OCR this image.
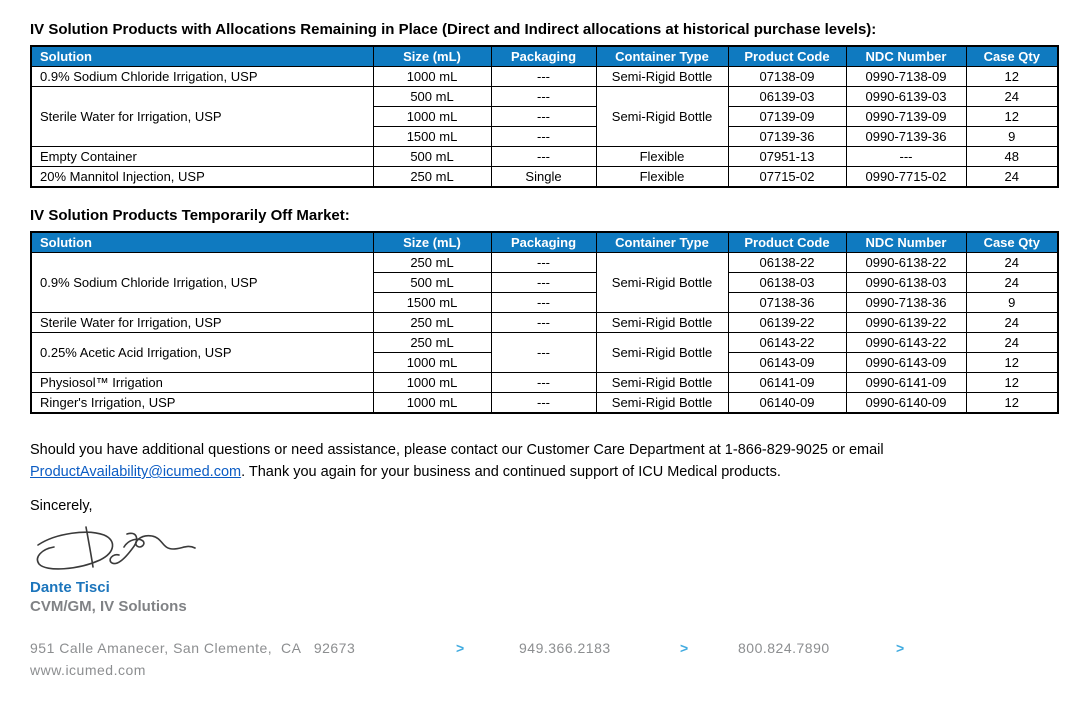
IV Solution Products with Allocations Remaining in Place (Direct and Indirect allocations at historical purchase levels):
Solution	Size (mL)	Packaging	Container Type	Product Code	NDC Number	Case Qty
0.9% Sodium Chloride Irrigation, USP	1000 mL	---	Semi-Rigid Bottle	07138-09	0990-7138-09	12
Sterile Water for Irrigation, USP	500 mL	---	Semi-Rigid Bottle	06139-03	0990-6139-03	24
	1000 mL	---		07139-09	0990-7139-09	12
	1500 mL	---		07139-36	0990-7139-36	9
Empty Container	500 mL	---	Flexible	07951-13	---	48
20% Mannitol Injection, USP	250 mL	Single	Flexible	07715-02	0990-7715-02	24
IV Solution Products Temporarily Off Market:
Solution	Size (mL)	Packaging	Container Type	Product Code	NDC Number	Case Qty
0.9% Sodium Chloride Irrigation, USP	250 mL	---	Semi-Rigid Bottle	06138-22	0990-6138-22	24
	500 mL	---		06138-03	0990-6138-03	24
	1500 mL	---		07138-36	0990-7138-36	9
Sterile Water for Irrigation, USP	250 mL	---	Semi-Rigid Bottle	06139-22	0990-6139-22	24
0.25% Acetic Acid Irrigation, USP	250 mL	---	Semi-Rigid Bottle	06143-22	0990-6143-22	24
	1000 mL			06143-09	0990-6143-09	12
Physiosol™ Irrigation	1000 mL	---	Semi-Rigid Bottle	06141-09	0990-6141-09	12
Ringer's Irrigation, USP	1000 mL	---	Semi-Rigid Bottle	06140-09	0990-6140-09	12

Should you have additional questions or need assistance, please contact our Customer Care Department at 1-866-829-9025 or email
ProductAvailability@icumed.com. Thank you again for your business and continued support of ICU Medical products.

Sincerely,

Dante Tisci

CVM/GM, IV Solutions

951 Calle Amanecer, San Clemente,  CA   92673

	>

	949.366.2183

	>

	800.824.7890

	>

www.icumed.com
